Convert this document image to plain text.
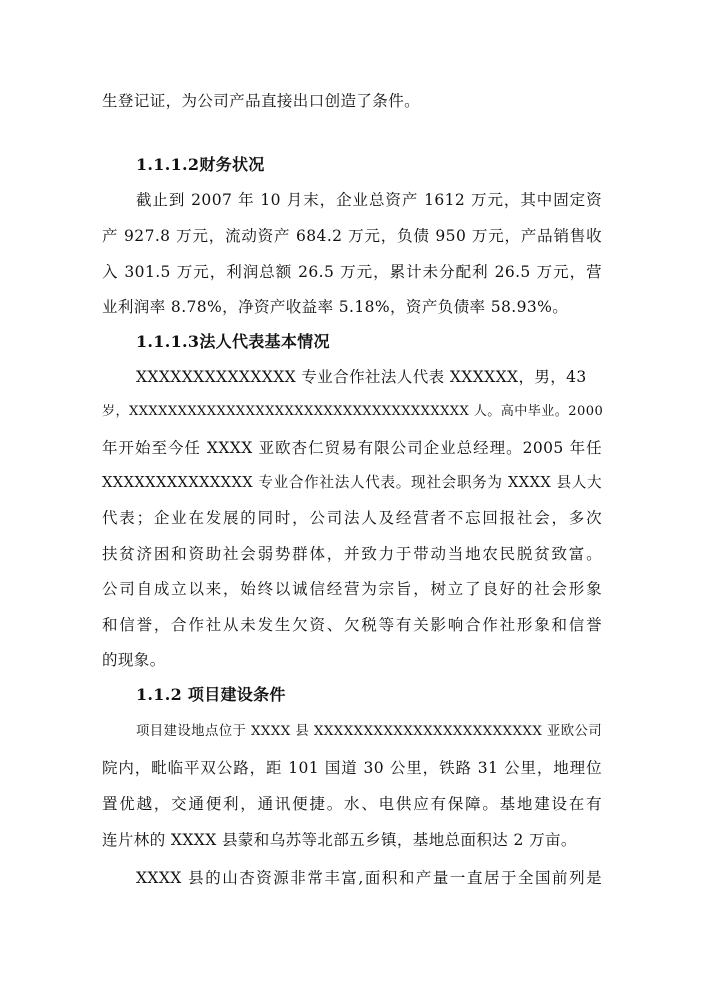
生登记证，为公司产品直接出口创造了条件。
1.1.1.2财务状况
截止到 2007 年 10 月末，企业总资产 1612 万元，其中固定资
产 927.8 万元，流动资产 684.2 万元，负债 950 万元，产品销售收
入 301.5 万元，利润总额 26.5 万元，累计未分配利 26.5 万元，营
业利润率 8.78%，净资产收益率 5.18%，资产负债率 58.93%。
1.1.1.3法人代表基本情况
XXXXXXXXXXXXXX 专业合作社法人代表 XXXXXX，男，43
岁，XXXXXXXXXXXXXXXXXXXXXXXXXXXXXXXXXXX 人。高中毕业。2000
年开始至今任 XXXX 亚欧杏仁贸易有限公司企业总经理。2005 年任
XXXXXXXXXXXXXX 专业合作社法人代表。现社会职务为 XXXX 县人大
代表；企业在发展的同时，公司法人及经营者不忘回报社会，多次
扶贫济困和资助社会弱势群体，并致力于带动当地农民脱贫致富。
公司自成立以来，始终以诚信经营为宗旨，树立了良好的社会形象
和信誉，合作社从未发生欠资、欠税等有关影响合作社形象和信誉
的现象。
1.1.2 项目建设条件
项目建设地点位于 XXXX 县 XXXXXXXXXXXXXXXXXXXXXXX 亚欧公司
院内，毗临平双公路，距 101 国道 30 公里，铁路 31 公里，地理位
置优越，交通便利，通讯便捷。水、电供应有保障。基地建设在有
连片林的 XXXX 县蒙和乌苏等北部五乡镇，基地总面积达 2 万亩。
XXXX 县的山杏资源非常丰富,面积和产量一直居于全国前列是
